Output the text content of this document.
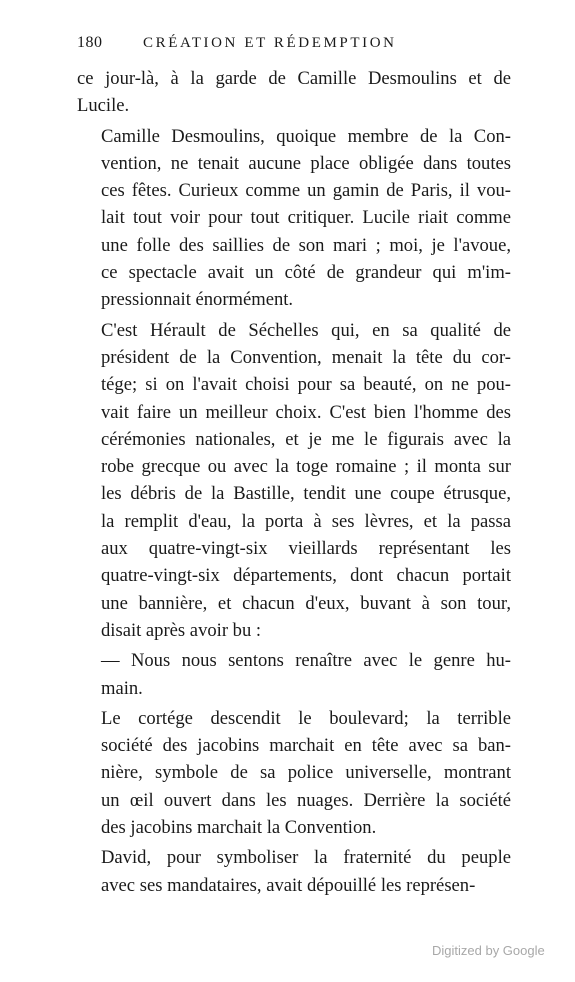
180	CRÉATION ET RÉDEMPTION

ce jour-là, à la garde de Camille Desmoulins et de
Lucile.

Camille Desmoulins, quoique membre de la Con-
vention, ne tenait aucune place obligée dans toutes
ces fêtes. Curieux comme un gamin de Paris, il vou-
lait tout voir pour tout critiquer. Lucile riait comme
une folle des saillies de son mari ; moi, je l'avoue,
ce spectacle avait un côté de grandeur qui m'im-
pressionnait énormément.

C'est Hérault de Séchelles qui, en sa qualité de
président de la Convention, menait la tête du cor-
tége; si on l'avait choisi pour sa beauté, on ne pou-
vait faire un meilleur choix. C'est bien l'homme des
cérémonies nationales, et je me le figurais avec la
robe grecque ou avec la toge romaine ; il monta sur
les débris de la Bastille, tendit une coupe étrusque,
la remplit d'eau, la porta à ses lèvres, et la passa
aux quatre-vingt-six vieillards représentant les
quatre-vingt-six départements, dont chacun portait
une bannière, et chacun d'eux, buvant à son tour,
disait après avoir bu :

— Nous nous sentons renaître avec le genre hu-
main.

Le cortége descendit le boulevard; la terrible
société des jacobins marchait en tête avec sa ban-
nière, symbole de sa police universelle, montrant
un œil ouvert dans les nuages. Derrière la société
des jacobins marchait la Convention.

David, pour symboliser la fraternité du peuple
avec ses mandataires, avait dépouillé les représen-

Digitized by Google
